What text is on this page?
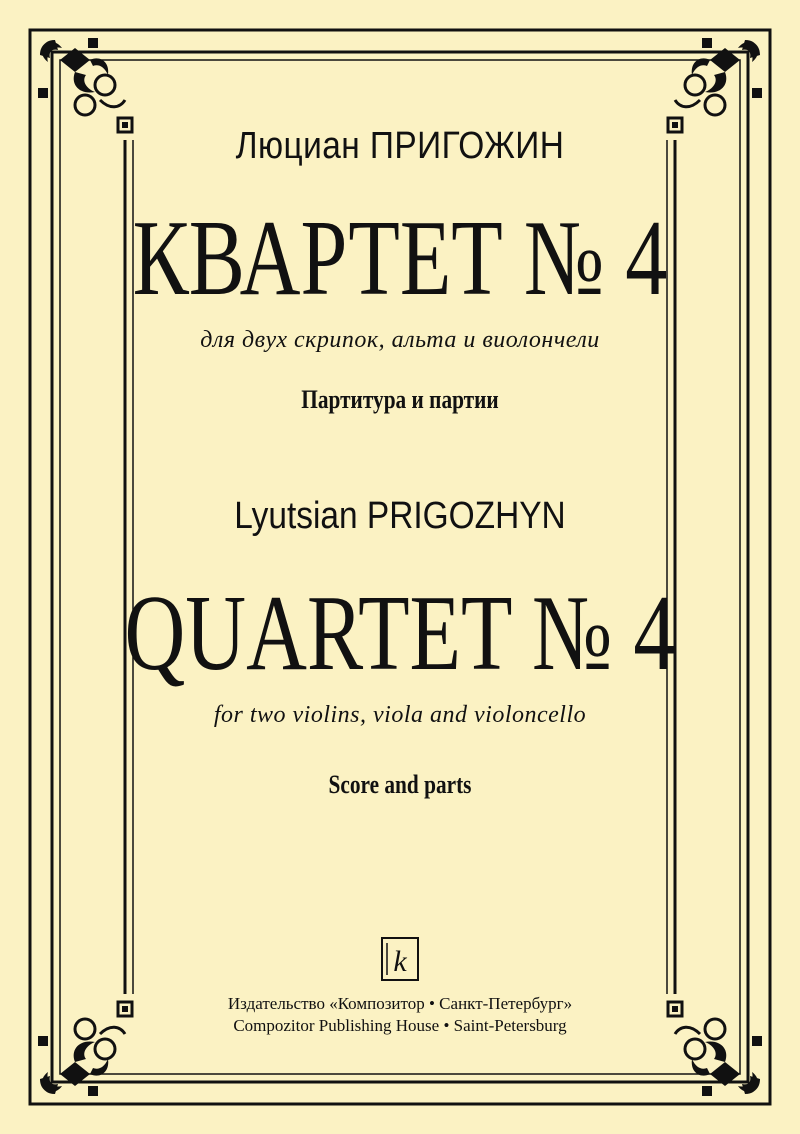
Люциан ПРИГОЖИН
КВАРТЕТ № 4
для двух скрипок, альта и виолончели
Партитура и партии
Lyutsian PRIGOZHYN
QUARTET № 4
for two violins, viola and violoncello
Score and parts
k
Издательство «Композитор • Санкт-Петербург»
Compozitor Publishing House • Saint-Petersburg
